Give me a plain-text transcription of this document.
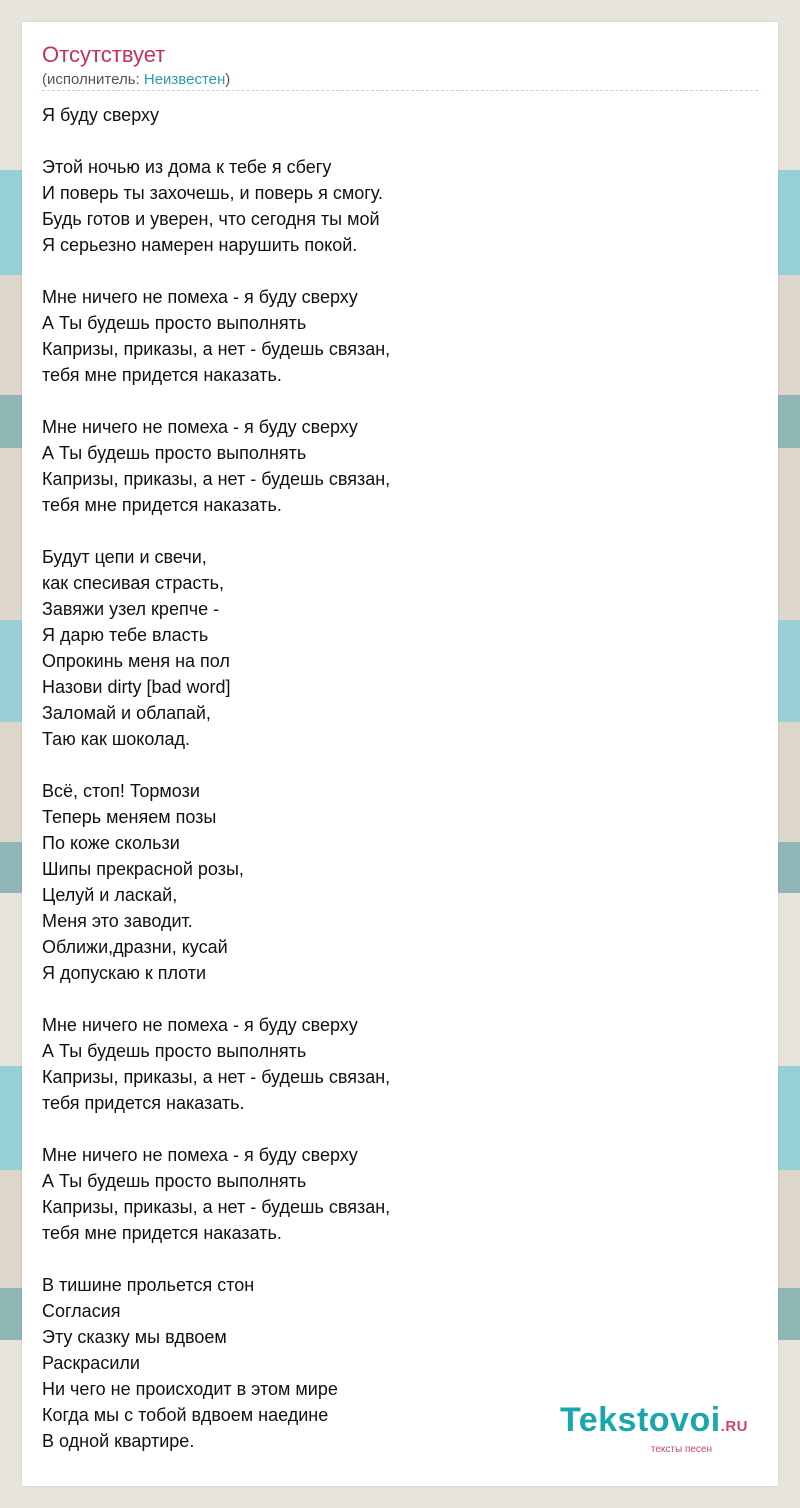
Отсутствует
(исполнитель: Неизвестен)
Я буду сверху
Этой ночью из дома к тебе я сбегу
И поверь ты захочешь, и поверь я смогу.
Будь готов и уверен, что сегодня ты мой
Я серьезно намерен нарушить покой.
Мне ничего не помеха - я буду сверху
А Ты будешь просто выполнять
Капризы, приказы, а нет - будешь связан,
тебя мне придется наказать.
Мне ничего не помеха - я буду сверху
А Ты будешь просто выполнять
Капризы, приказы, а нет - будешь связан,
тебя мне придется наказать.
Будут цепи и свечи,
как спесивая страсть,
Завяжи узел крепче -
Я дарю тебе власть
Опрокинь меня на пол
Назови dirty [bad word]
Заломай и облапай,
Таю как шоколад.
Всё, стоп! Тормози
Теперь меняем позы
По коже скользи
Шипы прекрасной розы,
Целуй и ласкай,
Меня это заводит.
Оближи,дразни, кусай
Я допускаю к плоти
Мне ничего не помеха - я буду сверху
А Ты будешь просто выполнять
Капризы, приказы, а нет - будешь связан,
тебя придется наказать.
Мне ничего не помеха - я буду сверху
А Ты будешь просто выполнять
Капризы, приказы, а нет - будешь связан,
тебя мне придется наказать.
В тишине прольется стон
Согласия
Эту сказку мы вдвоем
Раскрасили
Ни чего не происходит в этом мире
Когда мы с тобой вдвоем наедине
В одной квартире.
Tekstovoi.RU
тексты песен
